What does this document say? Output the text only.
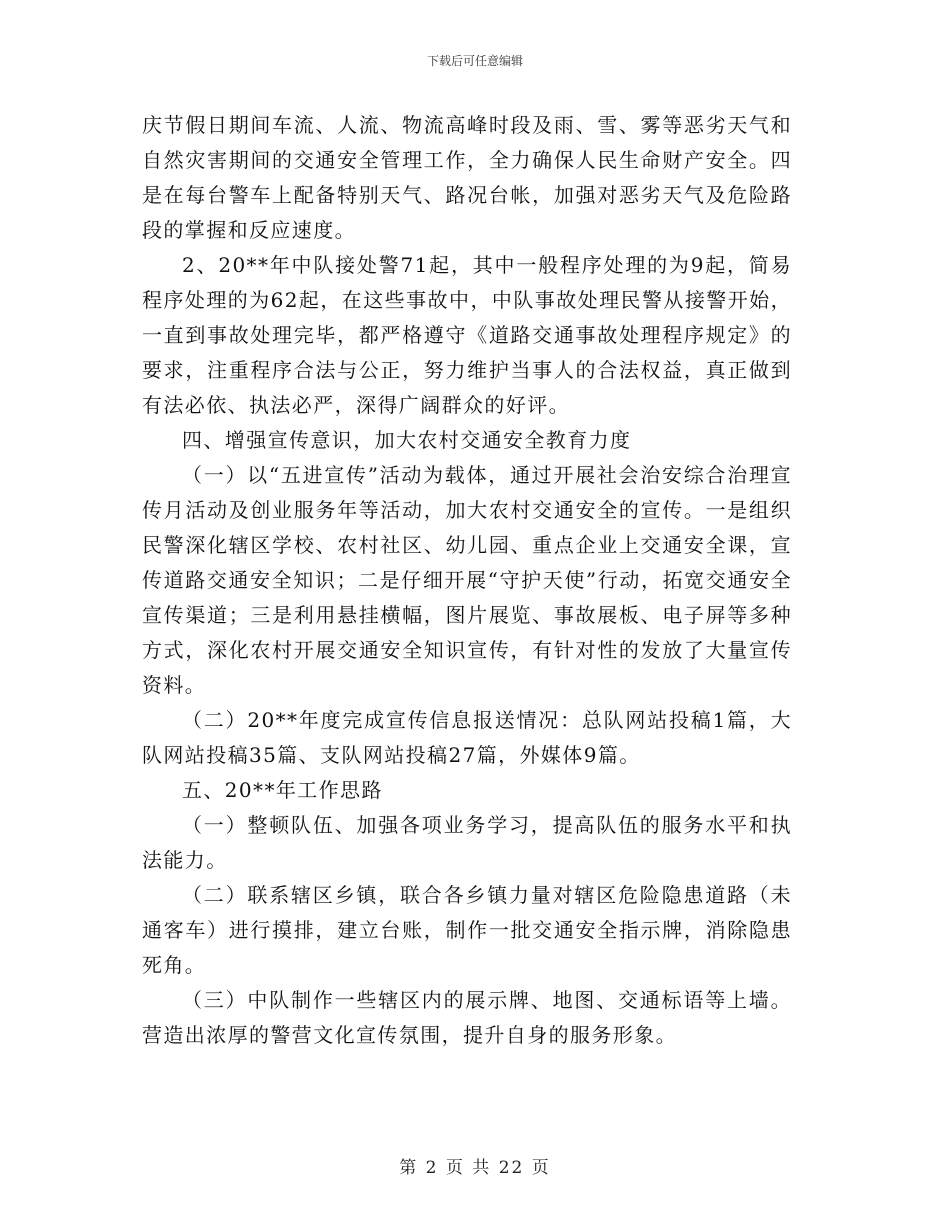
下载后可任意编辑

庆节假日期间车流、人流、物流高峰时段及雨、雪、雾等恶劣天气和自然灾害期间的交通安全管理工作，全力确保人民生命财产安全。四是在每台警车上配备特别天气、路况台帐，加强对恶劣天气及危险路段的掌握和反应速度。

2、20**年中队接处警71起，其中一般程序处理的为9起，简易程序处理的为62起，在这些事故中，中队事故处理民警从接警开始，一直到事故处理完毕，都严格遵守《道路交通事故处理程序规定》的要求，注重程序合法与公正，努力维护当事人的合法权益，真正做到有法必依、执法必严，深得广阔群众的好评。

四、增强宣传意识，加大农村交通安全教育力度

（一）以“五进宣传”活动为载体，通过开展社会治安综合治理宣传月活动及创业服务年等活动，加大农村交通安全的宣传。一是组织民警深化辖区学校、农村社区、幼儿园、重点企业上交通安全课，宣传道路交通安全知识；二是仔细开展“守护天使”行动，拓宽交通安全宣传渠道；三是利用悬挂横幅，图片展览、事故展板、电子屏等多种方式，深化农村开展交通安全知识宣传，有针对性的发放了大量宣传资料。

（二）20**年度完成宣传信息报送情况：总队网站投稿1篇，大队网站投稿35篇、支队网站投稿27篇，外媒体9篇。

五、20**年工作思路

（一）整顿队伍、加强各项业务学习，提高队伍的服务水平和执法能力。

（二）联系辖区乡镇，联合各乡镇力量对辖区危险隐患道路（未通客车）进行摸排，建立台账，制作一批交通安全指示牌，消除隐患死角。

（三）中队制作一些辖区内的展示牌、地图、交通标语等上墙。营造出浓厚的警营文化宣传氛围，提升自身的服务形象。

第 2 页 共 22 页
